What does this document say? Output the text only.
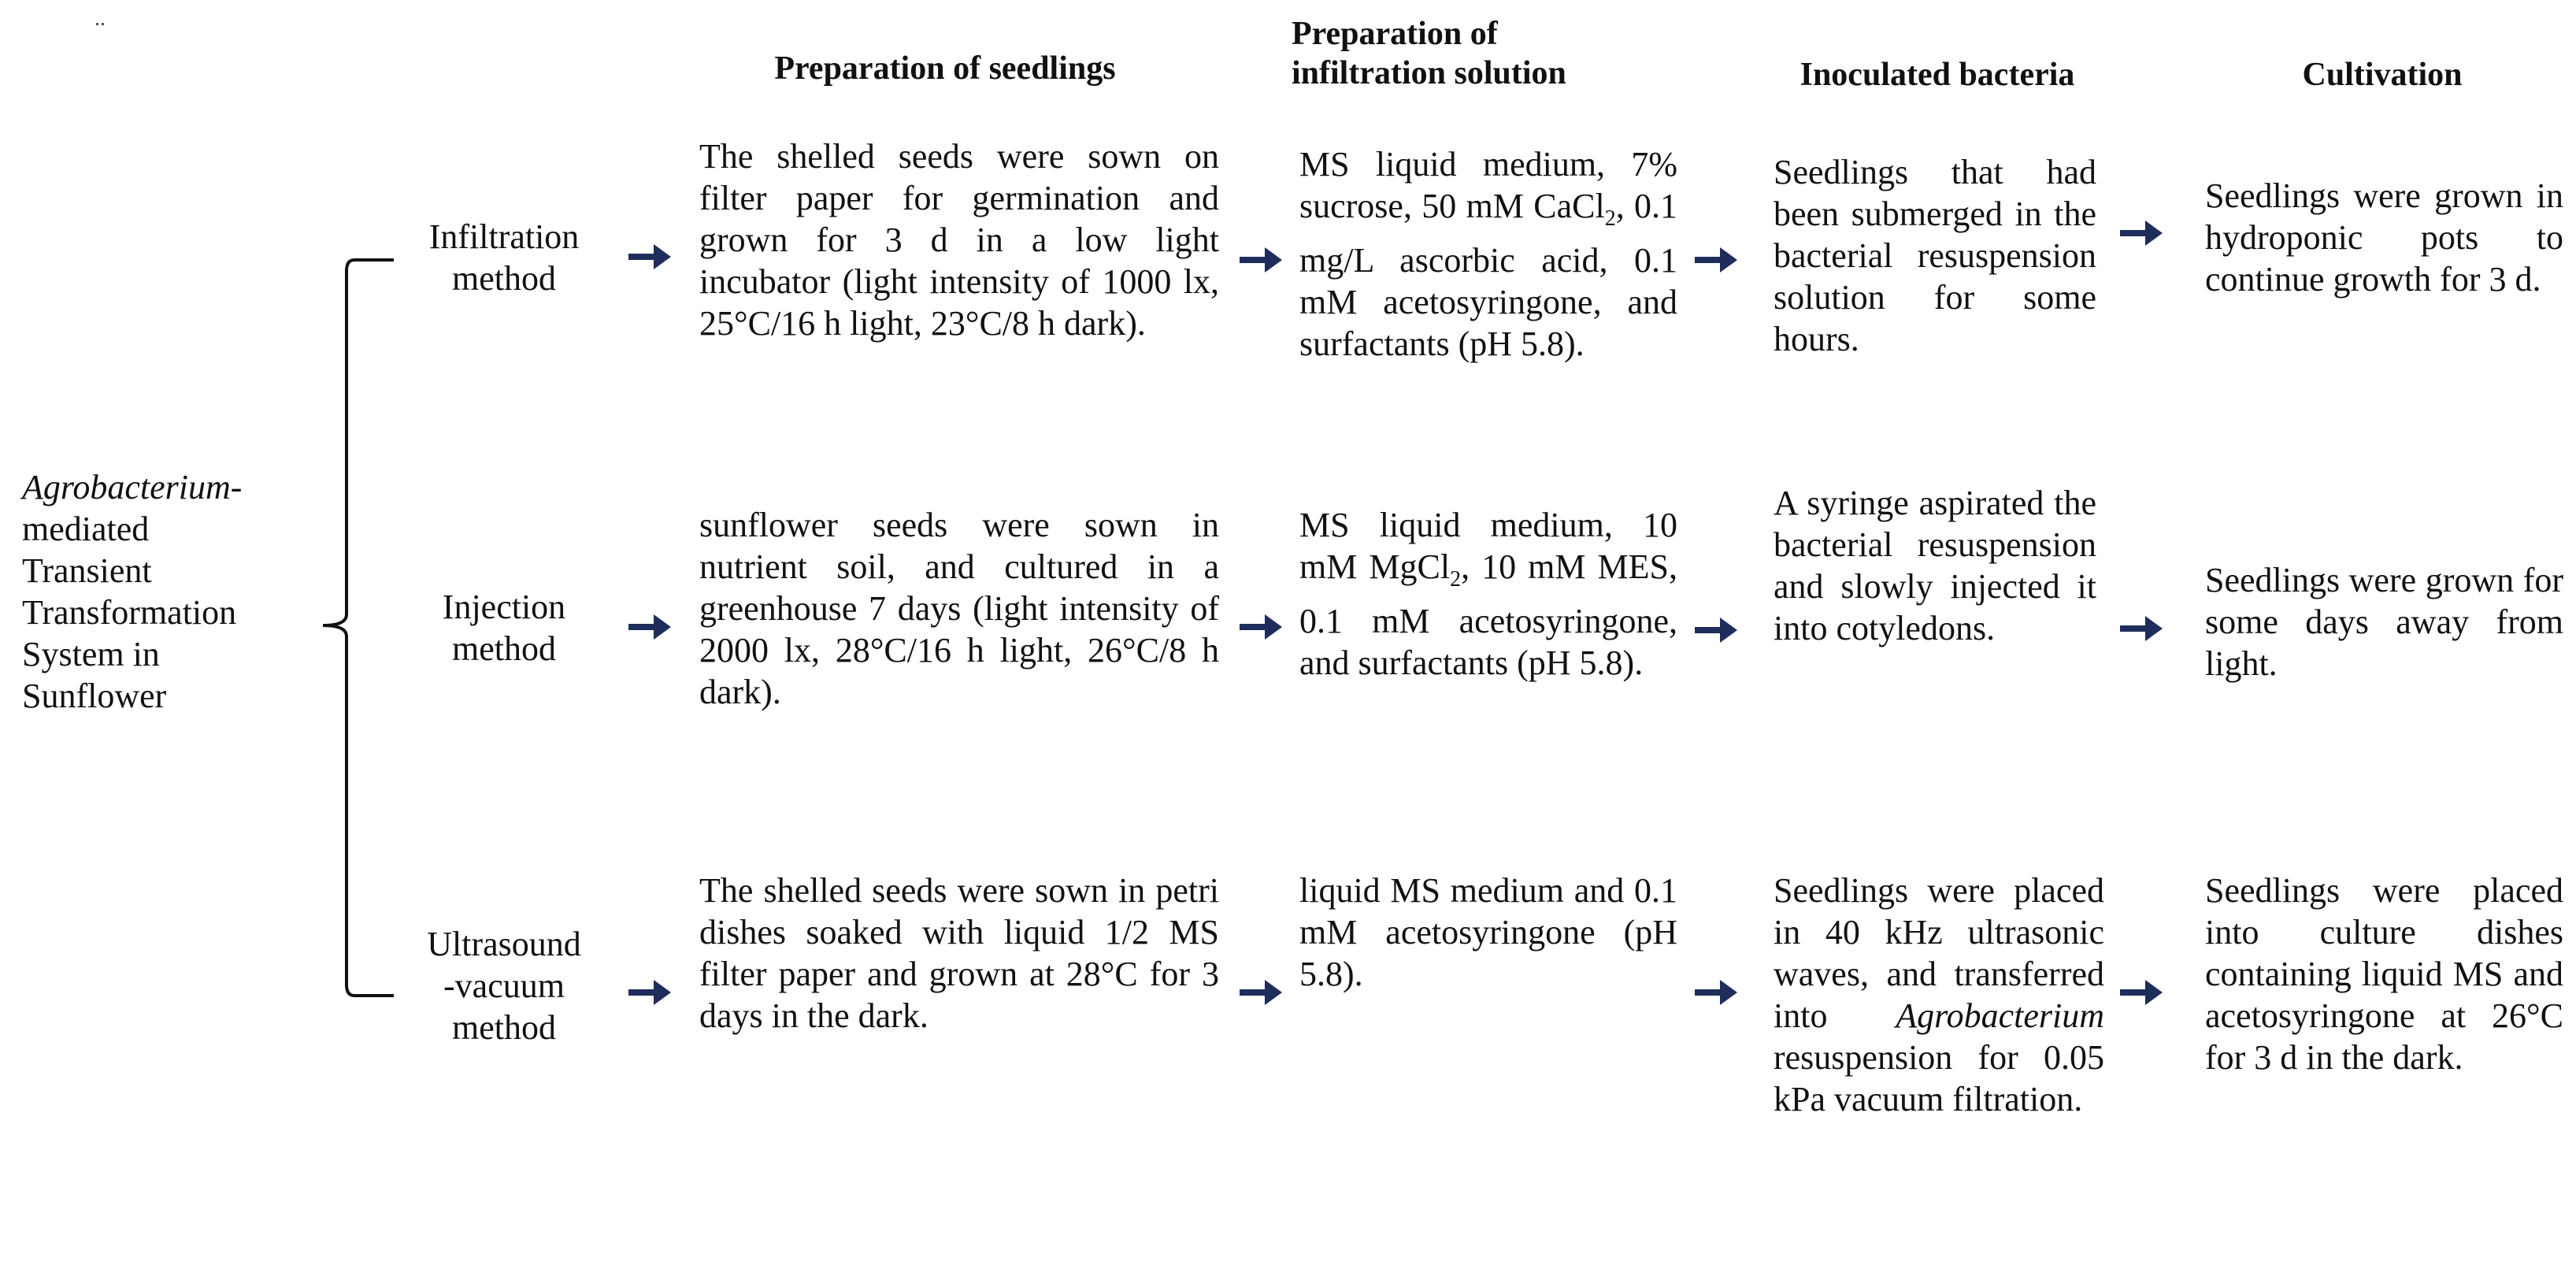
..
Preparation of seedlings
Preparation of
infiltration solution	Inoculated bacteria	Cultivation
Agrobacterium-
mediated
Transient
Transformation
System in
Sunflower
Infiltration
method
The shelled seeds were sown on filter paper for germination and grown for 3 d in a low light incubator (light intensity of 1000 lx, 25°C/16 h light, 23°C/8 h dark).
MS liquid medium, 7% sucrose, 50 mM CaCl$_2$, 0.1 mg/L ascorbic acid, 0.1 mM acetosyringone, and surfactants (pH 5.8).
Seedlings that had been submerged in the bacterial resuspension solution for some hours.
Seedlings were grown in hydroponic pots to continue growth for 3 d.
Injection
method
sunflower seeds were sown in nutrient soil, and cultured in a greenhouse 7 days (light intensity of 2000 lx, 28°C/16 h light, 26°C/8 h dark).
MS liquid medium, 10 mM MgCl$_2$, 10 mM MES, 0.1 mM acetosyringone, and surfactants (pH 5.8).
A syringe aspirated the bacterial resuspension and slowly injected it into cotyledons.
Seedlings were grown for some days away from light.
Ultrasound
-vacuum
method
The shelled seeds were sown in petri dishes soaked with liquid 1/2 MS filter paper and grown at 28°C for 3 days in the dark.
liquid MS medium and 0.1 mM acetosyringone (pH 5.8).
Seedlings were placed in 40 kHz ultrasonic waves, and transferred into Agrobacterium resuspension for 0.05 kPa vacuum filtration.
Seedlings were placed into culture dishes containing liquid MS and acetosyringone at 26°C for 3 d in the dark.
